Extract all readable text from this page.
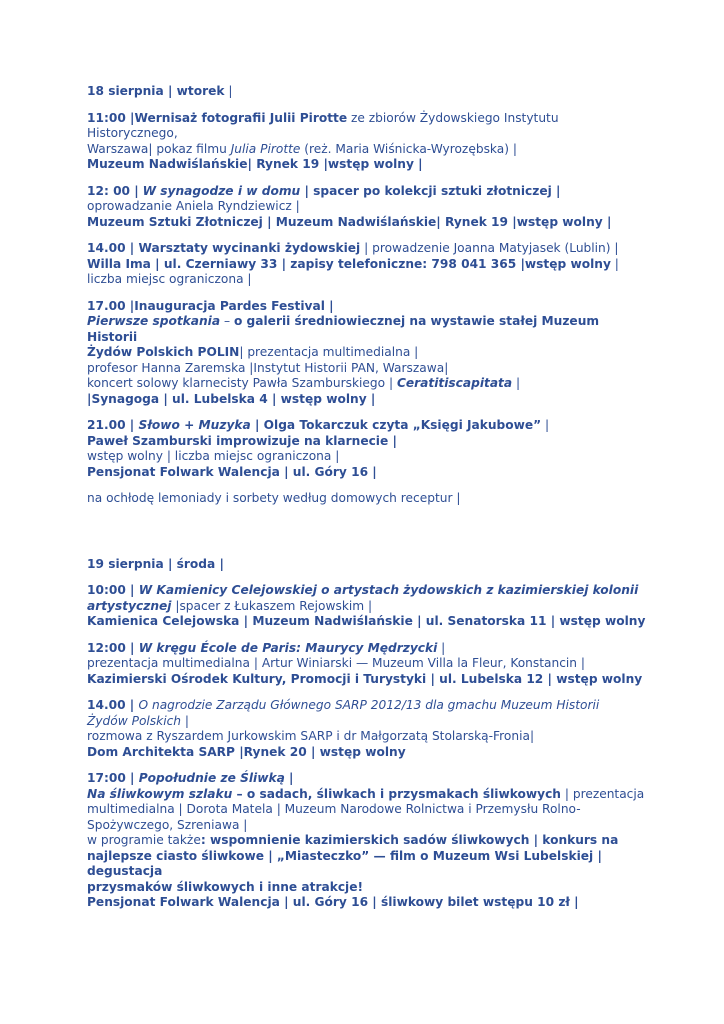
18 sierpnia | wtorek |

11:00 |Wernisaż fotografii Julii Pirotte ze zbiorów Żydowskiego Instytutu Historycznego,

Warszawa| pokaz filmu Julia Pirotte (reż. Maria Wiśnicka-Wyrozębska) |

Muzeum Nadwiślańskie| Rynek 19 |wstęp wolny |

12: 00 | W synagodze i w domu | spacer po kolekcji sztuki złotniczej |

oprowadzanie Aniela Ryndziewicz |

Muzeum Sztuki Złotniczej | Muzeum Nadwiślańskie| Rynek 19 |wstęp wolny |

14.00 | Warsztaty wycinanki żydowskiej | prowadzenie Joanna Matyjasek (Lublin) |

Willa Ima | ul. Czerniawy 33 | zapisy telefoniczne: 798 041 365 |wstęp wolny |

liczba miejsc ograniczona |

17.00 |Inauguracja Pardes Festival |

Pierwsze spotkania – o galerii średniowiecznej na wystawie stałej Muzeum Historii

Żydów Polskich POLIN| prezentacja multimedialna |

profesor Hanna Zaremska |Instytut Historii PAN, Warszawa|

koncert solowy klarnecisty Pawła Szamburskiego | Ceratitiscapitata |

|Synagoga | ul. Lubelska 4 | wstęp wolny |

21.00 | Słowo + Muzyka | Olga Tokarczuk czyta „Księgi Jakubowe” |

Paweł Szamburski improwizuje na klarnecie |

wstęp wolny | liczba miejsc ograniczona |

Pensjonat Folwark Walencja | ul. Góry 16 |

na ochłodę lemoniady i sorbety według domowych receptur |

19 sierpnia | środa |

10:00 | W Kamienicy Celejowskiej o artystach żydowskich z kazimierskiej kolonii

artystycznej |spacer z Łukaszem Rejowskim |

Kamienica Celejowska | Muzeum Nadwiślańskie | ul. Senatorska 11 | wstęp wolny

12:00 | W kręgu École de Paris: Maurycy Mędrzycki |

prezentacja multimedialna | Artur Winiarski — Muzeum Villa la Fleur, Konstancin |

Kazimierski Ośrodek Kultury, Promocji i Turystyki | ul. Lubelska 12 | wstęp wolny

14.00 | O nagrodzie Zarządu Głównego SARP 2012/13 dla gmachu Muzeum Historii

Żydów Polskich |

rozmowa z Ryszardem Jurkowskim SARP i dr Małgorzatą Stolarską-Fronia|

Dom Architekta SARP |Rynek 20 | wstęp wolny

17:00 | Popołudnie ze Śliwką |

Na śliwkowym szlaku – o sadach, śliwkach i przysmakach śliwkowych | prezentacja

multimedialna | Dorota Matela | Muzeum Narodowe Rolnictwa i Przemysłu Rolno-

Spożywczego, Szreniawa |

w programie także: wspomnienie kazimierskich sadów śliwkowych | konkurs na

najlepsze ciasto śliwkowe | „Miasteczko” — film o Muzeum Wsi Lubelskiej | degustacja

przysmaków śliwkowych i inne atrakcje!

Pensjonat Folwark Walencja | ul. Góry 16 | śliwkowy bilet wstępu 10 zł |
